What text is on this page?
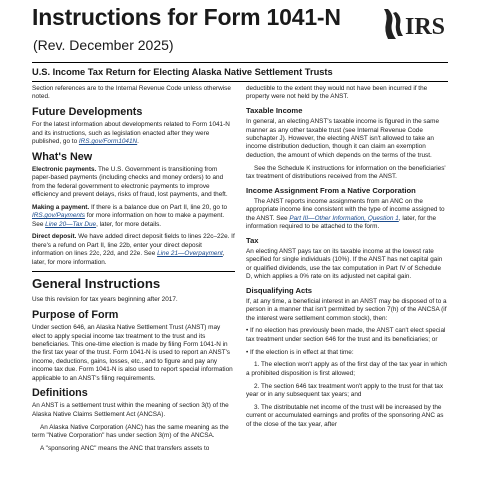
Instructions for Form 1041-N
(Rev. December 2025)
IRS
U.S. Income Tax Return for Electing Alaska Native Settlement Trusts

Section references are to the Internal Revenue Code unless otherwise noted.

Future Developments

For the latest information about developments related to Form 1041-N and its instructions, such as legislation enacted after they were published, go to IRS.gov/Form1041N.

What's New

Electronic payments. The U.S. Government is transitioning from paper-based payments (including checks and money orders) to and from the federal government to electronic payments to improve efficiency and prevent delays, risks of fraud, lost payments, and theft.

Making a payment. If there is a balance due on Part II, line 20, go to IRS.gov/Payments for more information on how to make a payment. See Line 20—Tax Due, later, for more details.

Direct deposit. We have added direct deposit fields to lines 22c–22e. If there's a refund on Part II, line 22b, enter your direct deposit information on lines 22c, 22d, and 22e. See Line 21—Overpayment, later, for more information.

General Instructions

Use this revision for tax years beginning after 2017.

Purpose of Form

Under section 646, an Alaska Native Settlement Trust (ANST) may elect to apply special income tax treatment to the trust and its beneficiaries. This one-time election is made by filing Form 1041-N in the first tax year of the trust. Form 1041-N is used to report an ANST's income, deductions, gains, losses, etc., and to figure and pay any income tax due. Form 1041-N is also used to report special information applicable to an ANST's filing requirements.

Definitions

An ANST is a settlement trust within the meaning of section 3(t) of the Alaska Native Claims Settlement Act (ANCSA).

An Alaska Native Corporation (ANC) has the same meaning as the term "Native Corporation" has under section 3(m) of the ANCSA.

A "sponsoring ANC" means the ANC that transfers assets to

deductible to the extent they would not have been incurred if the property were not held by the ANST.

Taxable Income

In general, an electing ANST's taxable income is figured in the same manner as any other taxable trust (see Internal Revenue Code subchapter J). However, the electing ANST isn't allowed to take an income distribution deduction, though it can claim an exemption deduction, the amount of which depends on the terms of the trust.

See the Schedule K instructions for information on the beneficiaries' tax treatment of distributions received from the ANST.

Income Assignment From a Native Corporation

The ANST reports income assignments from an ANC on the appropriate income line consistent with the type of income assigned to the ANST. See Part III—Other Information, Question 1, later, for the information required to be attached to the form.

Tax

An electing ANST pays tax on its taxable income at the lowest rate specified for single individuals (10%). If the ANST has net capital gain or qualified dividends, use the tax computation in Part IV of Schedule D, which applies a 0% rate on its adjusted net capital gain.

Disqualifying Acts

If, at any time, a beneficial interest in an ANST may be disposed of to a person in a manner that isn't permitted by section 7(h) of the ANCSA (if the interest were settlement common stock), then:

• If no election has previously been made, the ANST can't elect special tax treatment under section 646 for the trust and its beneficiaries; or

• If the election is in effect at that time:

1. The election won't apply as of the first day of the tax year in which a prohibited disposition is first allowed;

2. The section 646 tax treatment won't apply to the trust for that tax year or in any subsequent tax years; and

3. The distributable net income of the trust will be increased by the current or accumulated earnings and profits of the sponsoring ANC as of the close of the tax year, after
